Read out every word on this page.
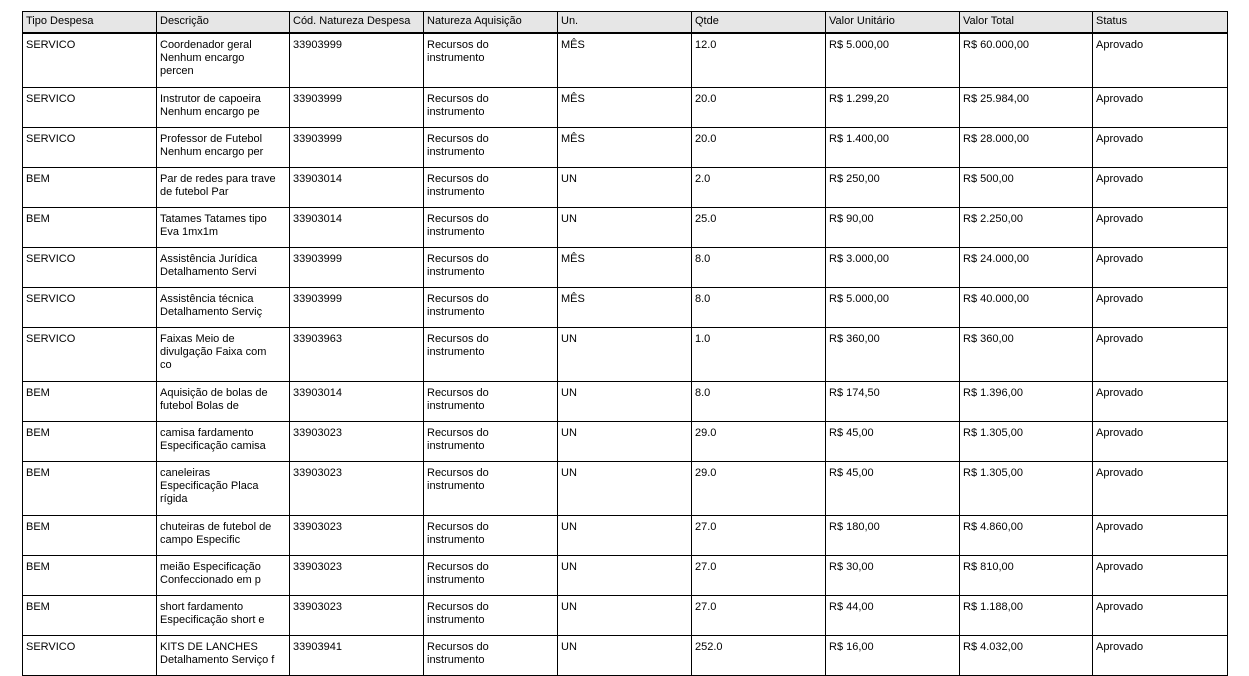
Tipo Despesa	Descrição	Cód. Natureza Despesa	Natureza Aquisição	Un.	Qtde	Valor Unitário	Valor Total	Status
SERVICO	Coordenador geral
Nenhum encargo
percen	33903999	Recursos do
instrumento	MÊS	12.0	R$ 5.000,00	R$ 60.000,00	Aprovado
SERVICO	Instrutor de capoeira
Nenhum encargo pe	33903999	Recursos do
instrumento	MÊS	20.0	R$ 1.299,20	R$ 25.984,00	Aprovado
SERVICO	Professor de Futebol
Nenhum encargo per	33903999	Recursos do
instrumento	MÊS	20.0	R$ 1.400,00	R$ 28.000,00	Aprovado
BEM	Par de redes para trave
de futebol Par	33903014	Recursos do
instrumento	UN	2.0	R$ 250,00	R$ 500,00	Aprovado
BEM	Tatames Tatames tipo
Eva 1mx1m	33903014	Recursos do
instrumento	UN	25.0	R$ 90,00	R$ 2.250,00	Aprovado
SERVICO	Assistência Jurídica
Detalhamento Servi	33903999	Recursos do
instrumento	MÊS	8.0	R$ 3.000,00	R$ 24.000,00	Aprovado
SERVICO	Assistência técnica
Detalhamento Serviç	33903999	Recursos do
instrumento	MÊS	8.0	R$ 5.000,00	R$ 40.000,00	Aprovado
SERVICO	Faixas Meio de
divulgação Faixa com
co	33903963	Recursos do
instrumento	UN	1.0	R$ 360,00	R$ 360,00	Aprovado
BEM	Aquisição de bolas de
futebol Bolas de	33903014	Recursos do
instrumento	UN	8.0	R$ 174,50	R$ 1.396,00	Aprovado
BEM	camisa fardamento
Especificação camisa	33903023	Recursos do
instrumento	UN	29.0	R$ 45,00	R$ 1.305,00	Aprovado
BEM	caneleiras
Especificação Placa
rígida	33903023	Recursos do
instrumento	UN	29.0	R$ 45,00	R$ 1.305,00	Aprovado
BEM	chuteiras de futebol de
campo Especific	33903023	Recursos do
instrumento	UN	27.0	R$ 180,00	R$ 4.860,00	Aprovado
BEM	meião Especificação
Confeccionado em p	33903023	Recursos do
instrumento	UN	27.0	R$ 30,00	R$ 810,00	Aprovado
BEM	short fardamento
Especificação short e	33903023	Recursos do
instrumento	UN	27.0	R$ 44,00	R$ 1.188,00	Aprovado
SERVICO	KITS DE LANCHES
Detalhamento Serviço f	33903941	Recursos do
instrumento	UN	252.0	R$ 16,00	R$ 4.032,00	Aprovado
